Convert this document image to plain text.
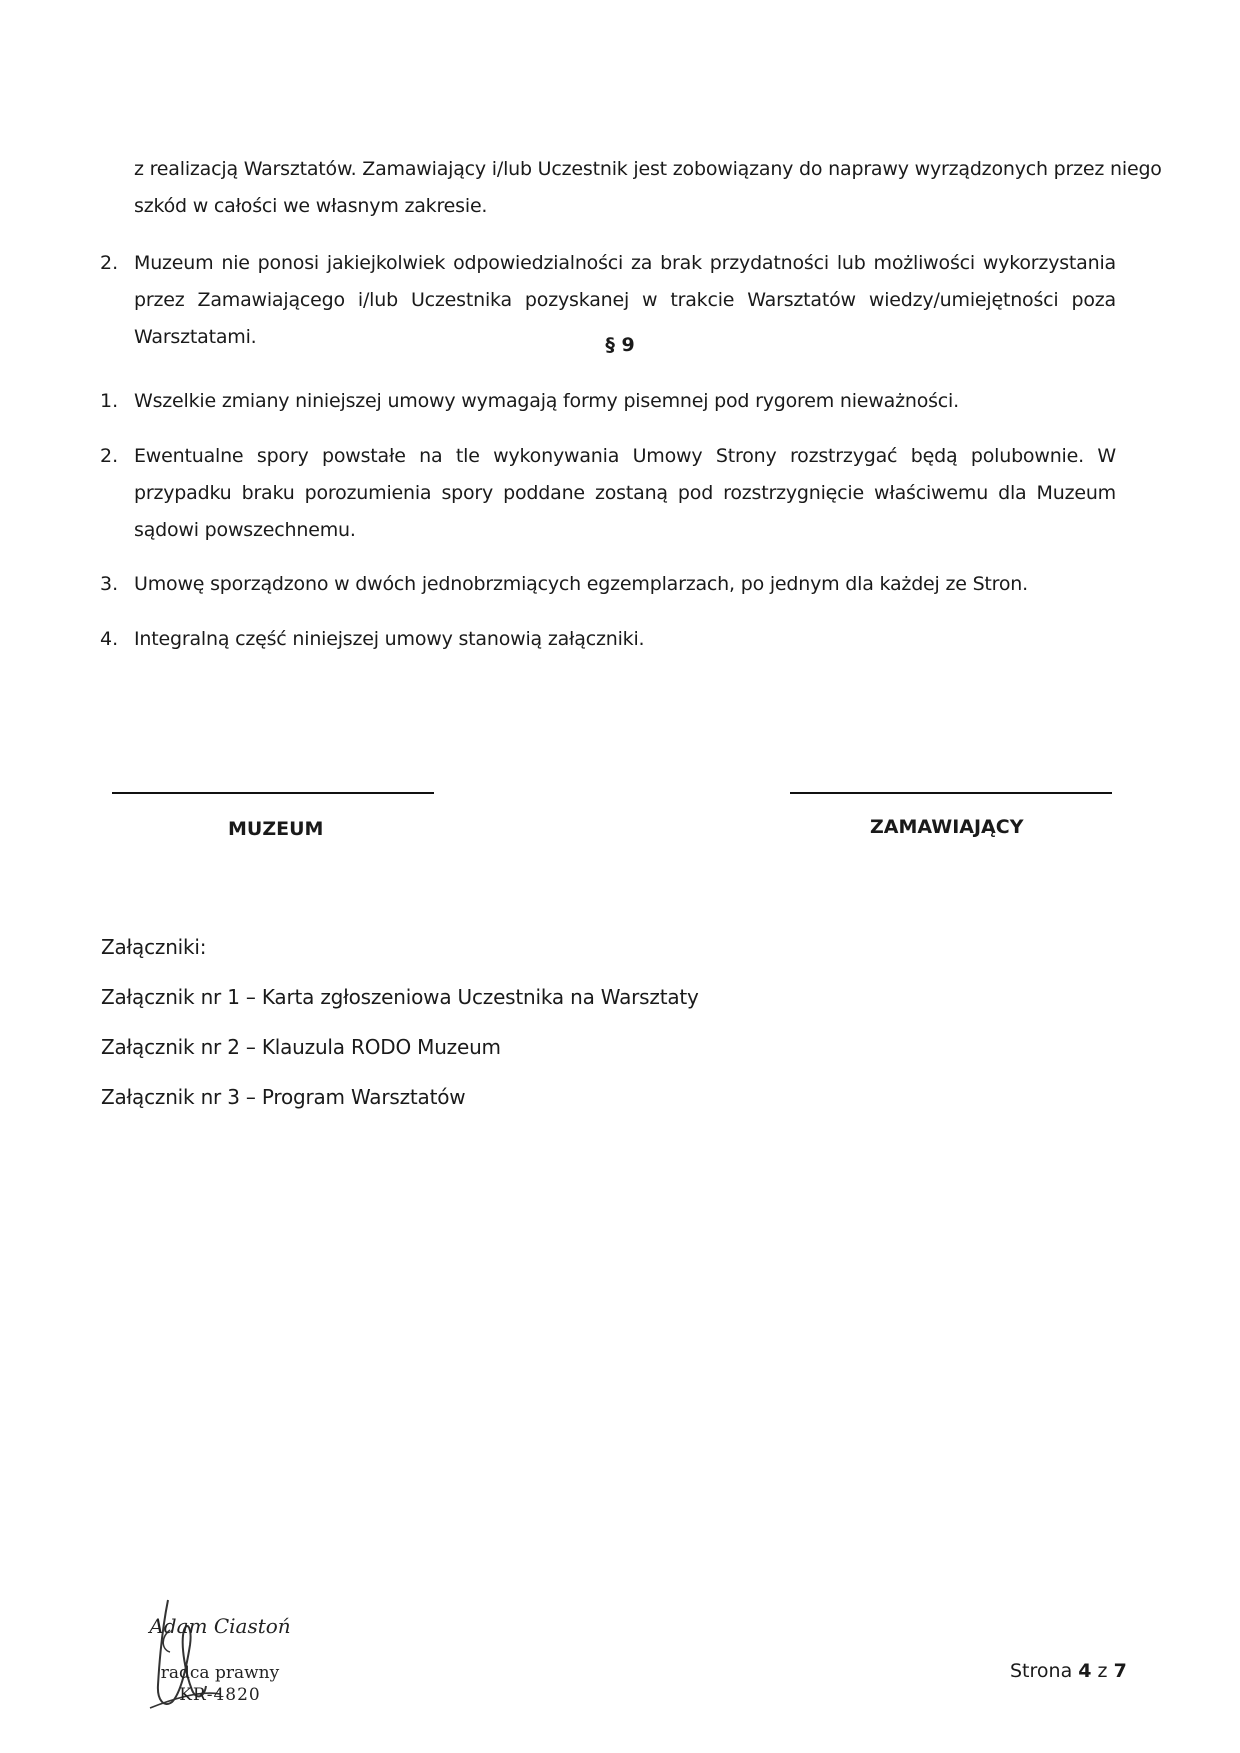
z realizacją Warsztatów. Zamawiający i/lub Uczestnik jest zobowiązany do naprawy wyrządzonych przez niego
szkód w całości we własnym zakresie.
2. Muzeum nie ponosi jakiejkolwiek odpowiedzialności za brak przydatności lub możliwości wykorzystania przez Zamawiającego i/lub Uczestnika pozyskanej w trakcie Warsztatów wiedzy/umiejętności poza Warsztatami.	§ 9
1. Wszelkie zmiany niniejszej umowy wymagają formy pisemnej pod rygorem nieważności.
2. Ewentualne spory powstałe na tle wykonywania Umowy Strony rozstrzygać będą polubownie. W przypadku braku porozumienia spory poddane zostaną pod rozstrzygnięcie właściwemu dla Muzeum sądowi powszechnemu.
3. Umowę sporządzono w dwóch jednobrzmiących egzemplarzach, po jednym dla każdej ze Stron.
4. Integralną część niniejszej umowy stanowią załączniki.
MUZEUM	ZAMAWIAJĄCY
Załączniki:
Załącznik nr 1 – Karta zgłoszeniowa Uczestnika na Warsztaty
Załącznik nr 2 – Klauzula RODO Muzeum
Załącznik nr 3 – Program Warsztatów
Adam Ciastoń
radca prawny
KR-4820
Strona 4 z 7
